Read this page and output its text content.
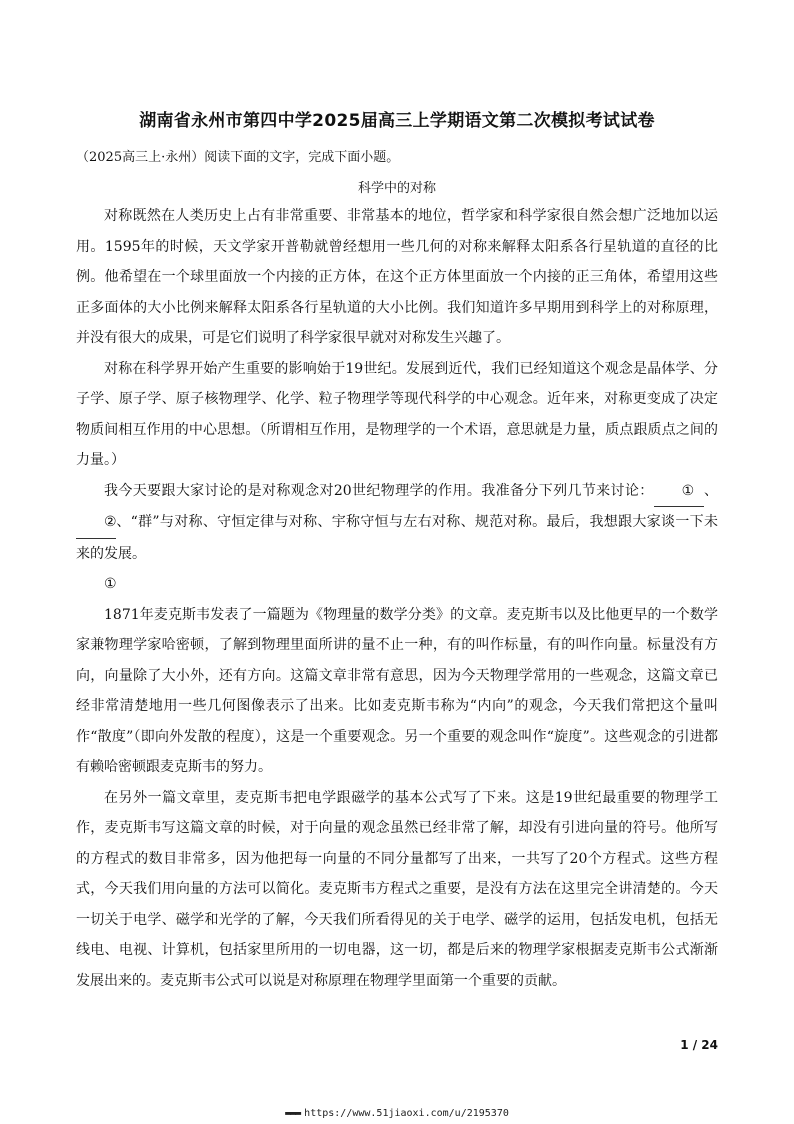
湖南省永州市第四中学2025届高三上学期语文第二次模拟考试试卷
（2025高三上·永州）阅读下面的文字，完成下面小题。
科学中的对称

对称既然在人类历史上占有非常重要、非常基本的地位，哲学家和科学家很自然会想广泛地加以运用。1595年的时候，天文学家开普勒就曾经想用一些几何的对称来解释太阳系各行星轨道的直径的比例。他希望在一个球里面放一个内接的正方体，在这个正方体里面放一个内接的正三角体，希望用这些正多面体的大小比例来解释太阳系各行星轨道的大小比例。我们知道许多早期用到科学上的对称原理，并没有很大的成果，可是它们说明了科学家很早就对对称发生兴趣了。

对称在科学界开始产生重要的影响始于19世纪。发展到近代，我们已经知道这个观念是晶体学、分子学、原子学、原子核物理学、化学、粒子物理学等现代科学的中心观念。近年来，对称更变成了决定物质间相互作用的中心思想。（所谓相互作用，是物理学的一个术语，意思就是力量，质点跟质点之间的力量。）

我今天要跟大家讨论的是对称观念对20世纪物理学的作用。我准备分下列几节来讨论： ① 、②、“群”与对称、守恒定律与对称、宇称守恒与左右对称、规范对称。最后，我想跟大家谈一下未来的发展。

①

1871年麦克斯韦发表了一篇题为《物理量的数学分类》的文章。麦克斯韦以及比他更早的一个数学家兼物理学家哈密顿，了解到物理里面所讲的量不止一种，有的叫作标量，有的叫作向量。标量没有方向，向量除了大小外，还有方向。这篇文章非常有意思，因为今天物理学常用的一些观念，这篇文章已经非常清楚地用一些几何图像表示了出来。比如麦克斯韦称为“内向”的观念，今天我们常把这个量叫作“散度”（即向外发散的程度），这是一个重要观念。另一个重要的观念叫作“旋度”。这些观念的引进都有赖哈密顿跟麦克斯韦的努力。

在另外一篇文章里，麦克斯韦把电学跟磁学的基本公式写了下来。这是19世纪最重要的物理学工作，麦克斯韦写这篇文章的时候，对于向量的观念虽然已经非常了解，却没有引进向量的符号。他所写的方程式的数目非常多，因为他把每一向量的不同分量都写了出来，一共写了20个方程式。这些方程式，今天我们用向量的方法可以简化。麦克斯韦方程式之重要，是没有方法在这里完全讲清楚的。今天一切关于电学、磁学和光学的了解，今天我们所看得见的关于电学、磁学的运用，包括发电机，包括无线电、电视、计算机，包括家里所用的一切电器，这一切，都是后来的物理学家根据麦克斯韦公式渐渐发展出来的。麦克斯韦公式可以说是对称原理在物理学里面第一个重要的贡献。

1 / 24
▬▬▬ https://www.51jiaoxi.com/u/2195370
